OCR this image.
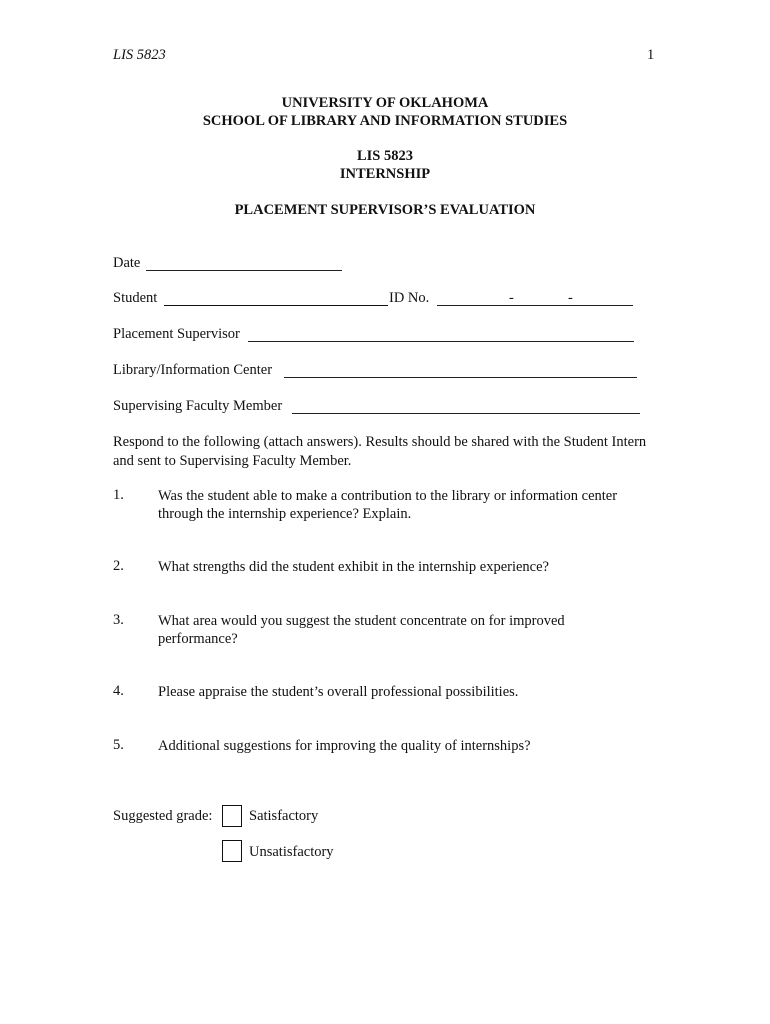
LIS 5823	1
UNIVERSITY OF OKLAHOMA
SCHOOL OF LIBRARY AND INFORMATION STUDIES
LIS 5823
INTERNSHIP
PLACEMENT SUPERVISOR’S EVALUATION
Date
Student	ID No.	-	-
Placement Supervisor
Library/Information Center
Supervising Faculty Member
Respond to the following (attach answers). Results should be shared with the Student Intern and sent to Supervising Faculty Member.
1. Was the student able to make a contribution to the library or information center through the internship experience? Explain.
2. What strengths did the student exhibit in the internship experience?
3. What area would you suggest the student concentrate on for improved performance?
4. Please appraise the student’s overall professional possibilities.
5. Additional suggestions for improving the quality of internships?
Suggested grade:	Satisfactory
Unsatisfactory
